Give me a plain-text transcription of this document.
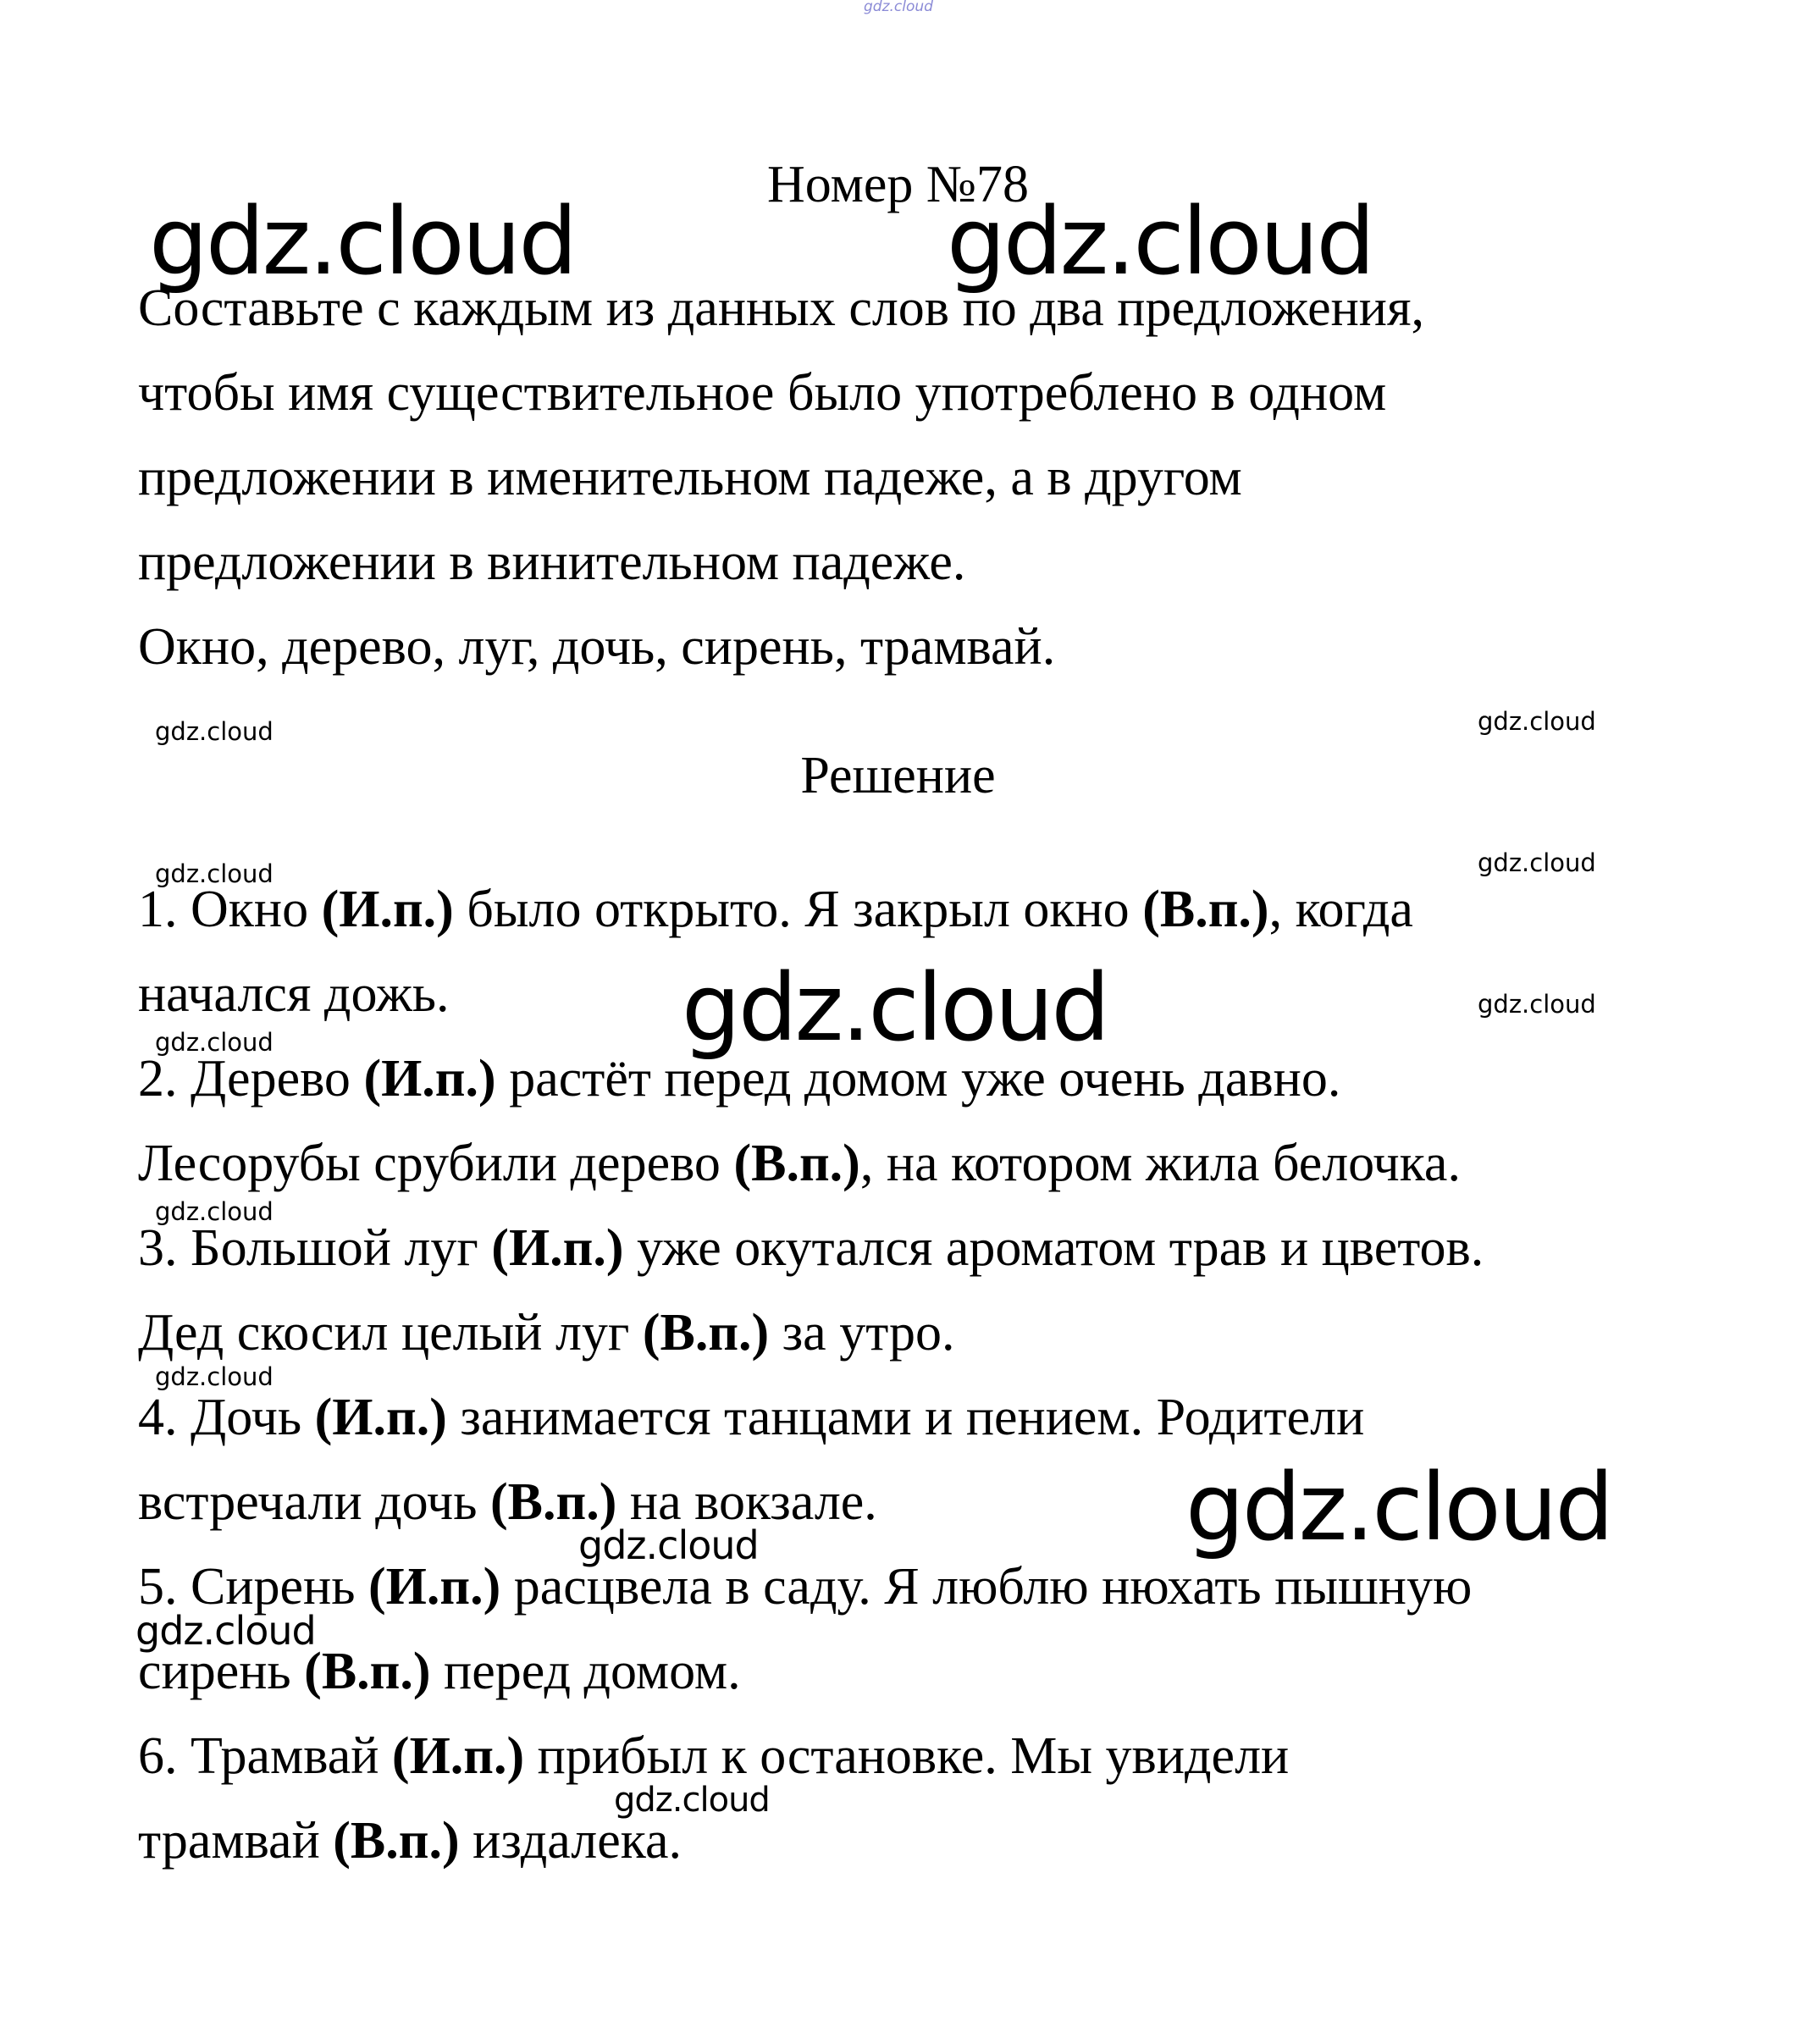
gdz.cloud
gdz.cloud	gdz.cloud
gdz.cloud
gdz.cloud
gdz.cloud
gdz.cloud
gdz.cloud
gdz.cloud	gdz.cloud
gdz.cloud	gdz.cloud
gdz.cloud
gdz.cloud
gdz.cloud
gdz.cloud
Номер №78
Составьте с каждым из данных слов по два предложения,
чтобы имя существительное было употреблено в одном
предложении в именительном падеже, а в другом
предложении в винительном падеже.
Окно, дерево, луг, дочь, сирень, трамвай.
Решение
1. Окно (И.п.) было открыто. Я закрыл окно (В.п.), когда
начался дожь.
2. Дерево (И.п.) растёт перед домом уже очень давно.
Лесорубы срубили дерево (В.п.), на котором жила белочка.
3. Большой луг (И.п.) уже окутался ароматом трав и цветов.
Дед скосил целый луг (В.п.) за утро.
4. Дочь (И.п.) занимается танцами и пением. Родители
встречали дочь (В.п.) на вокзале.
5. Сирень (И.п.) расцвела в саду. Я люблю нюхать пышную
сирень (В.п.) перед домом.
6. Трамвай (И.п.) прибыл к остановке. Мы увидели
трамвай (В.п.) издалека.
